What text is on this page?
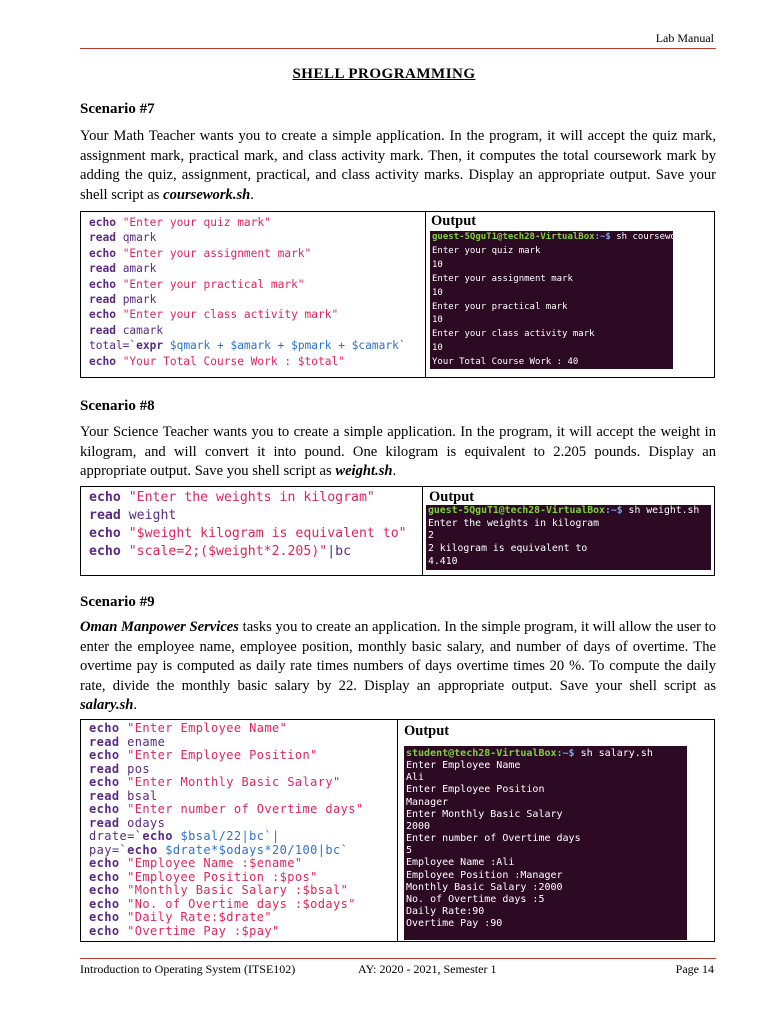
Lab Manual
SHELL PROGRAMMING
Scenario #7
Your Math Teacher wants you to create a simple application. In the program, it will accept the quiz mark, assignment mark, practical mark, and class activity mark. Then, it computes the total coursework mark by adding the quiz, assignment, practical, and class activity marks. Display an appropriate output. Save your shell script as coursework.sh.
echo "Enter your quiz mark"
read qmark
echo "Enter your assignment mark"
read amark
echo "Enter your practical mark"
read pmark
echo "Enter your class activity mark"
read camark
total=`expr $qmark + $amark + $pmark + $camark`
echo "Your Total Course Work : $total"
Output
guest-5QguT1@tech28-VirtualBox:~$ sh coursework.sh
Enter your quiz mark
10
Enter your assignment mark
10
Enter your practical mark
10
Enter your class activity mark
10
Your Total Course Work : 40
Scenario #8
Your Science Teacher wants you to create a simple application. In the program, it will accept the weight in kilogram, and will convert it into pound. One kilogram is equivalent to 2.205 pounds. Display an appropriate output. Save you shell script as weight.sh.
echo "Enter the weights in kilogram"
read weight
echo "$weight kilogram is equivalent to"
echo "scale=2;($weight*2.205)"|bc
Output
guest-5QguT1@tech28-VirtualBox:~$ sh weight.sh
Enter the weights in kilogram
2
2 kilogram is equivalent to
4.410
Scenario #9
Oman Manpower Services tasks you to create an application. In the simple program, it will allow the user to enter the employee name, employee position, monthly basic salary, and number of days of overtime. The overtime pay is computed as daily rate times numbers of days overtime times 20 %. To compute the daily rate, divide the monthly basic salary by 22. Display an appropriate output. Save your shell script as salary.sh.
echo "Enter Employee Name"
read ename
echo "Enter Employee Position"
read pos
echo "Enter Monthly Basic Salary"
read bsal
echo "Enter number of Overtime days"
read odays
drate=`echo $bsal/22|bc`|
pay=`echo $drate*$odays*20/100|bc`
echo "Employee Name :$ename"
echo "Employee Position :$pos"
echo "Monthly Basic Salary :$bsal"
echo "No. of Overtime days :$odays"
echo "Daily Rate:$drate"
echo "Overtime Pay :$pay"
Output
student@tech28-VirtualBox:~$ sh salary.sh
Enter Employee Name
Ali
Enter Employee Position
Manager
Enter Monthly Basic Salary
2000
Enter number of Overtime days
5
Employee Name :Ali
Employee Position :Manager
Monthly Basic Salary :2000
No. of Overtime days :5
Daily Rate:90
Overtime Pay :90
Introduction to Operating System (ITSE102)	AY: 2020 - 2021, Semester 1	Page 14
